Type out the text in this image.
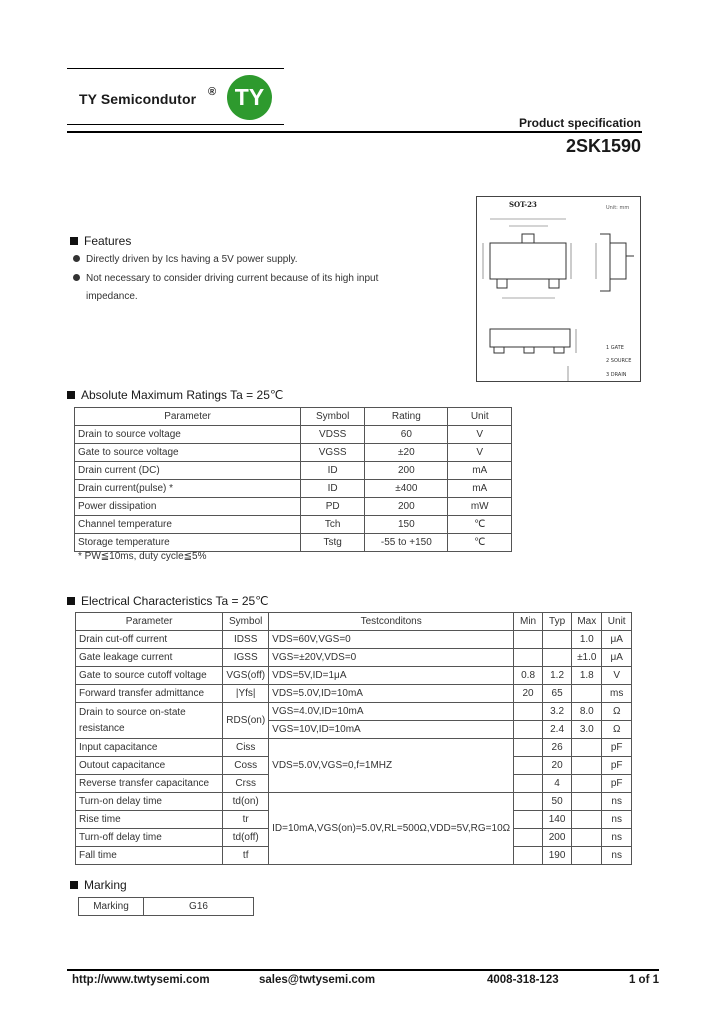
TY Semicondutor ® TY
Product specification
2SK1590
SOT-23	Unit: mm
1 GATE
2 SOURCE
3 DRAIN
Features
Directly driven by Ics having a 5V power supply.
Not necessary to consider driving current because of its high input
impedance.
Absolute Maximum Ratings Ta = 25℃
Parameter	Symbol	Rating	Unit
Drain to source voltage	VDSS	60	V
Gate to source voltage	VGSS	±20	V
Drain current (DC)	ID	200	mA
Drain current(pulse) *	ID	±400	mA
Power dissipation	PD	200	mW
Channel temperature	Tch	150	℃
Storage temperature	Tstg	-55 to +150	℃
* PW≦10ms, duty cycle≦5%
Electrical Characteristics Ta = 25℃
Parameter	Symbol	Testconditons	Min	Typ	Max	Unit
Drain cut-off current	IDSS	VDS=60V,VGS=0			1.0	μA
Gate leakage current	IGSS	VGS=±20V,VDS=0			±1.0	μA
Gate to source cutoff voltage	VGS(off)	VDS=5V,ID=1μA	0.8	1.2	1.8	V
Forward transfer admittance	|Yfs|	VDS=5.0V,ID=10mA	20	65		ms
Drain to source on-state resistance	RDS(on)	VGS=4.0V,ID=10mA		3.2	8.0	Ω
		VGS=10V,ID=10mA		2.4	3.0	Ω
Input capacitance	Ciss	VDS=5.0V,VGS=0,f=1MHZ		26		pF
Outout capacitance	Coss			20		pF
Reverse transfer capacitance	Crss			4		pF
Turn-on delay time	td(on)	ID=10mA,VGS(on)=5.0V,RL=500Ω,VDD=5V,RG=10Ω		50		ns
Rise time	tr			140		ns
Turn-off delay time	td(off)			200		ns
Fall time	tf			190		ns
Marking
Marking	G16
http://www.twtysemi.com	sales@twtysemi.com	4008-318-123	1 of 1
